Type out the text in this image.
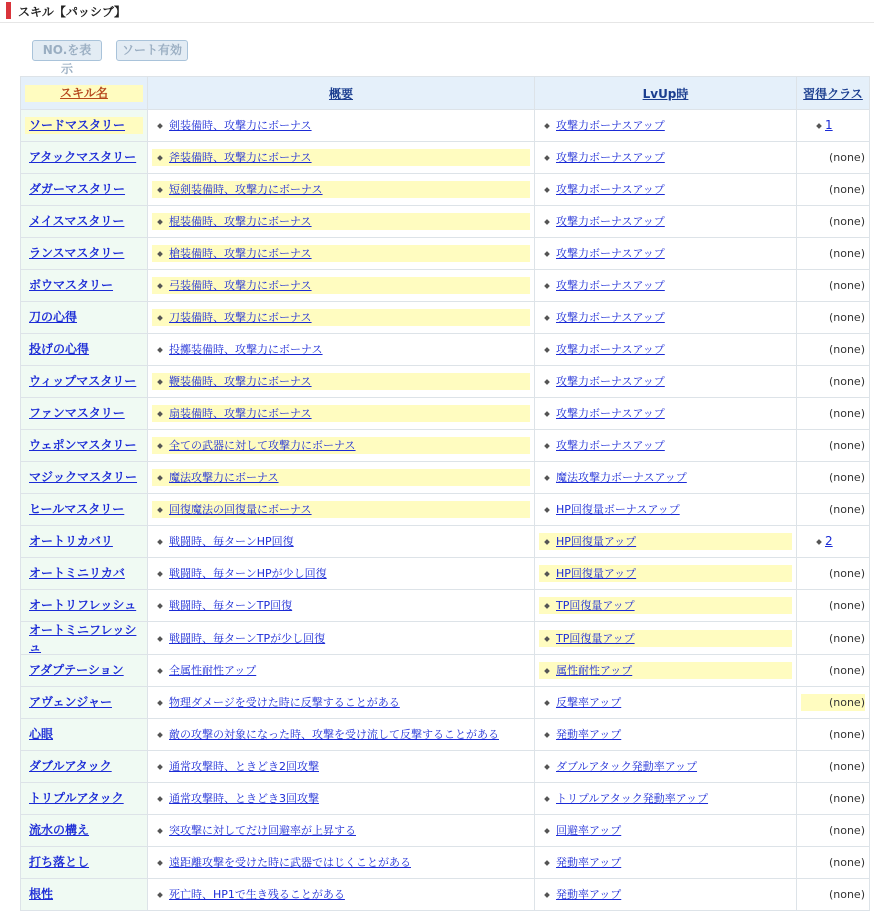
スキル【パッシブ】
NO.を表示
ソート有効
スキル名	概要	LvUp時	習得クラス
ソードマスタリー	剣装備時、攻撃力にボーナス	攻撃力ボーナスアップ	1

アタックマスタリー	斧装備時、攻撃力にボーナス	攻撃力ボーナスアップ	(none)
ダガーマスタリー	短剣装備時、攻撃力にボーナス	攻撃力ボーナスアップ	(none)
メイスマスタリー	棍装備時、攻撃力にボーナス	攻撃力ボーナスアップ	(none)
ランスマスタリー	槍装備時、攻撃力にボーナス	攻撃力ボーナスアップ	(none)
ボウマスタリー	弓装備時、攻撃力にボーナス	攻撃力ボーナスアップ	(none)
刀の心得	刀装備時、攻撃力にボーナス	攻撃力ボーナスアップ	(none)
投げの心得	投擲装備時、攻撃力にボーナス	攻撃力ボーナスアップ	(none)
ウィップマスタリー	鞭装備時、攻撃力にボーナス	攻撃力ボーナスアップ	(none)
ファンマスタリー	扇装備時、攻撃力にボーナス	攻撃力ボーナスアップ	(none)
ウェポンマスタリー	全ての武器に対して攻撃力にボーナス	攻撃力ボーナスアップ	(none)
マジックマスタリー	魔法攻撃力にボーナス	魔法攻撃力ボーナスアップ	(none)
ヒールマスタリー	回復魔法の回復量にボーナス	HP回復量ボーナスアップ	(none)
オートリカバリ	戦闘時、毎ターンHP回復	HP回復量アップ	2

オートミニリカバ	戦闘時、毎ターンHPが少し回復	HP回復量アップ	(none)
オートリフレッシュ	戦闘時、毎ターンTP回復	TP回復量アップ	(none)
オートミニフレッシュ	戦闘時、毎ターンTPが少し回復	TP回復量アップ	(none)
アダプテーション	全属性耐性アップ	属性耐性アップ	(none)
アヴェンジャー	物理ダメージを受けた時に反撃することがある	反撃率アップ	(none)
心眼	敵の攻撃の対象になった時、攻撃を受け流して反撃することがある	発動率アップ	(none)
ダブルアタック	通常攻撃時、ときどき2回攻撃	ダブルアタック発動率アップ	(none)
トリプルアタック	通常攻撃時、ときどき3回攻撃	トリプルアタック発動率アップ	(none)
流水の構え	突攻撃に対してだけ回避率が上昇する	回避率アップ	(none)
打ち落とし	遠距離攻撃を受けた時に武器ではじくことがある	発動率アップ	(none)
根性	死亡時、HP1で生き残ることがある	発動率アップ	(none)
